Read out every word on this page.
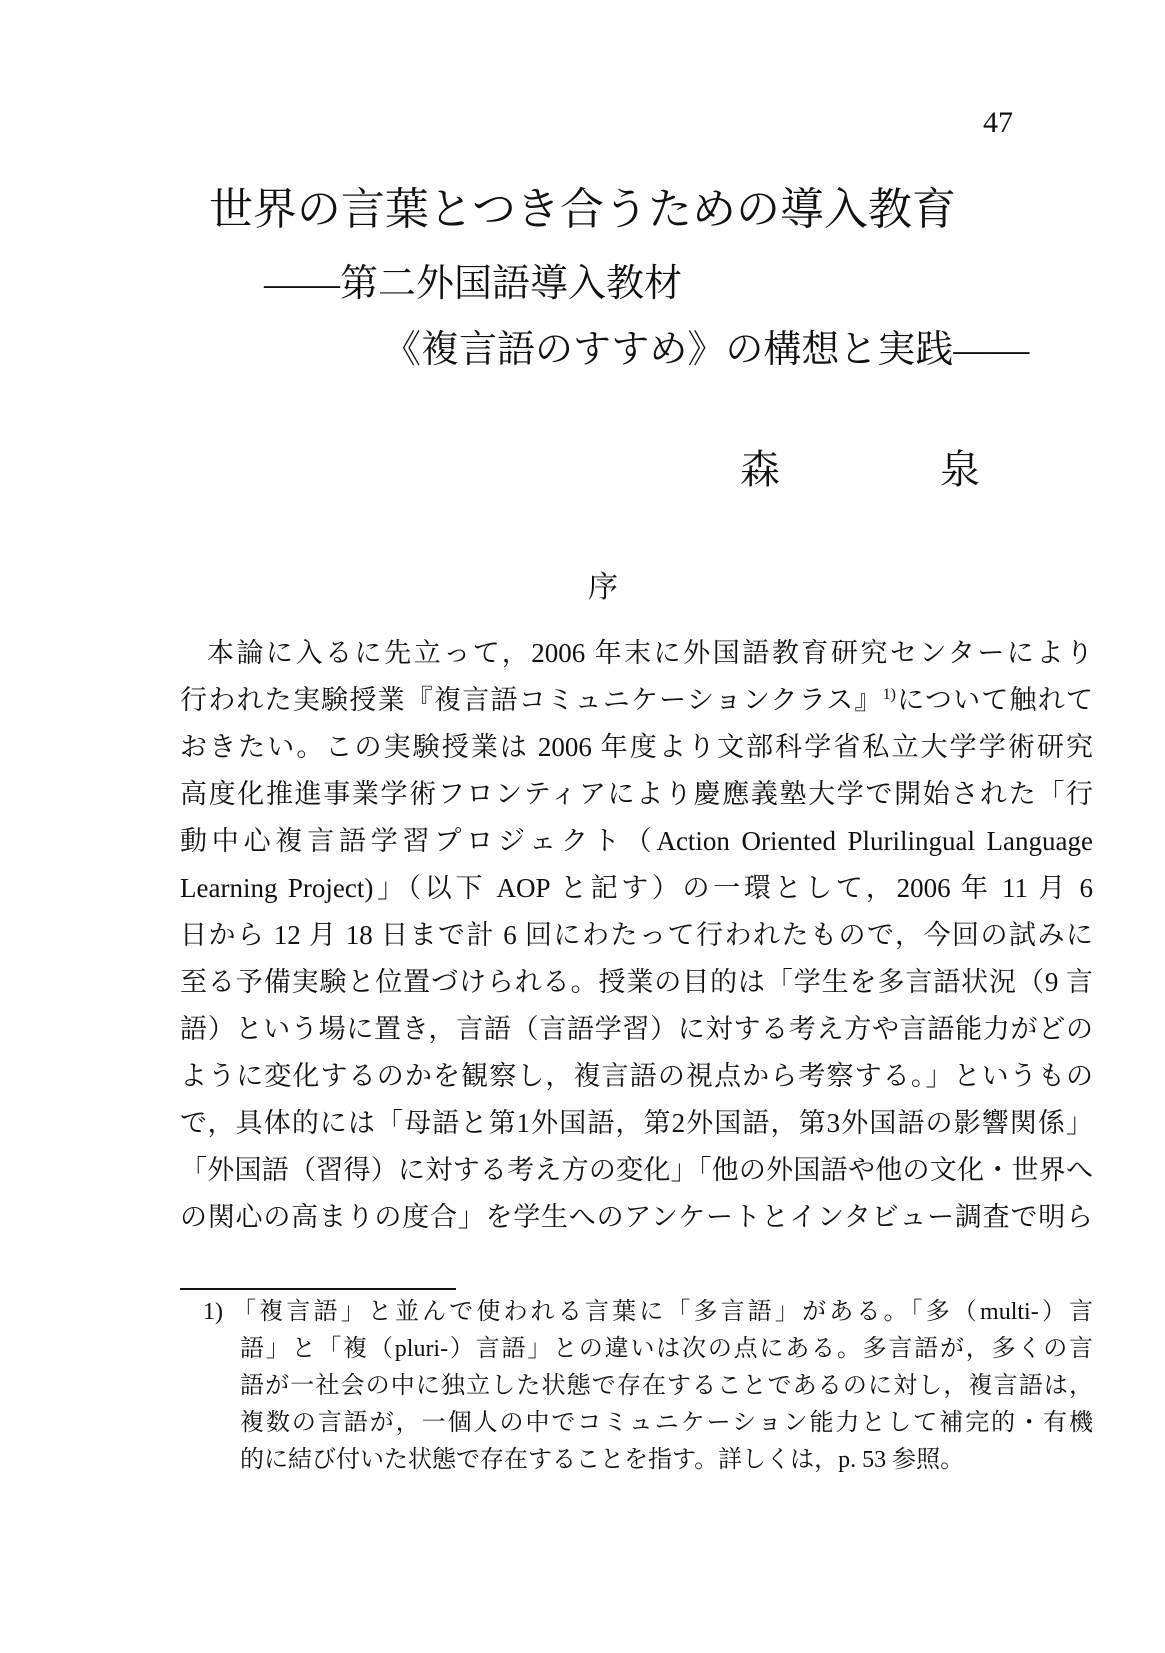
47
世界の言葉とつき合うための導入教育
——第二外国語導入教材
《複言語のすすめ》の構想と実践——
森	泉
序
本論に入るに先立って，2006 年末に外国語教育研究センターにより
行われた実験授業『複言語コミュニケーションクラス』$^{1)}$について触れて
おきたい。この実験授業は 2006 年度より文部科学省私立大学学術研究
高度化推進事業学術フロンティアにより慶應義塾大学で開始された「行
動中心複言語学習プロジェクト（Action Oriented Plurilingual Language
Learning Project)」（以下 AOP と記す）の一環として，2006 年 11 月 6
日から 12 月 18 日まで計 6 回にわたって行われたもので，今回の試みに
至る予備実験と位置づけられる。授業の目的は「学生を多言語状況（9 言
語）という場に置き，言語（言語学習）に対する考え方や言語能力がどの
ように変化するのかを観察し，複言語の視点から考察する。」というもの
で，具体的には「母語と第1外国語，第2外国語，第3外国語の影響関係」
「外国語（習得）に対する考え方の変化」「他の外国語や他の文化・世界へ
の関心の高まりの度合」を学生へのアンケートとインタビュー調査で明ら
1) 「複言語」と並んで使われる言葉に「多言語」がある。「多（multi-）言
語」と「複（pluri-）言語」との違いは次の点にある。多言語が，多くの言
語が一社会の中に独立した状態で存在することであるのに対し，複言語は，
複数の言語が，一個人の中でコミュニケーション能力として補完的・有機
的に結び付いた状態で存在することを指す。詳しくは，p. 53 参照。
